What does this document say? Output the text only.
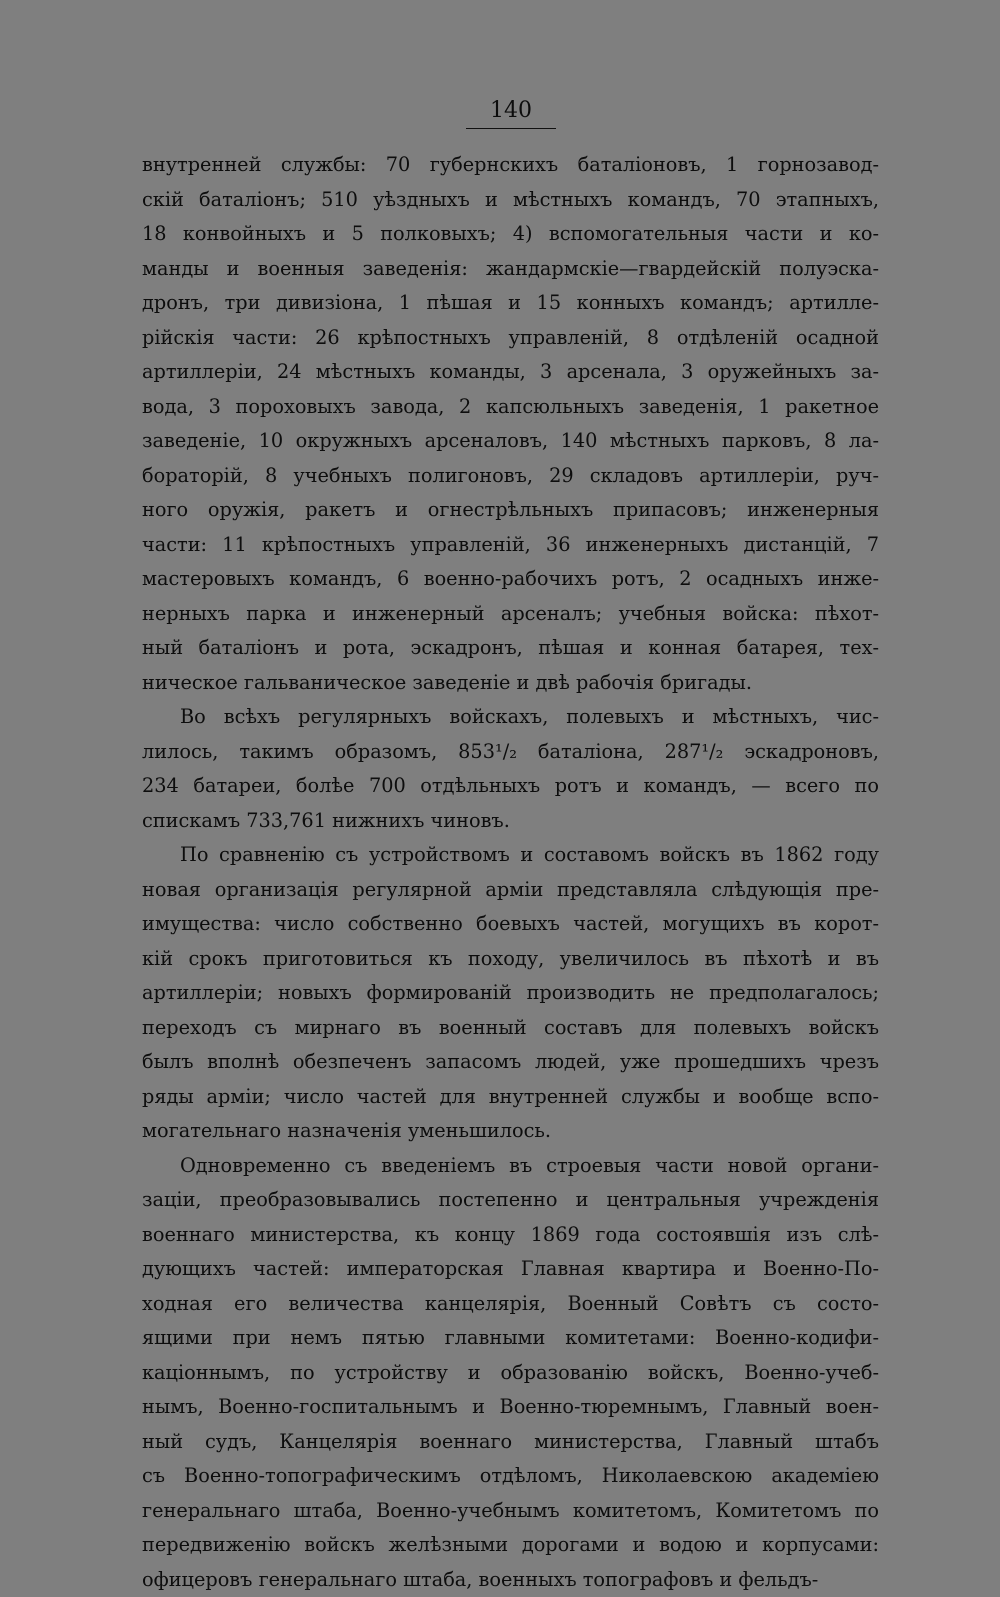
140
внутренней службы: 70 губернскихъ баталіоновъ, 1 горнозавод-
скій баталіонъ; 510 уѣздныхъ и мѣстныхъ командъ, 70 этапныхъ,
18 конвойныхъ и 5 полковыхъ; 4) вспомогательныя части и ко-
манды и военныя заведенія: жандармскіе—гвардейскій полуэска-
дронъ, три дивизіона, 1 пѣшая и 15 конныхъ командъ; артилле-
рійскія части: 26 крѣпостныхъ управленій, 8 отдѣленій осадной
артиллеріи, 24 мѣстныхъ команды, 3 арсенала, 3 оружейныхъ за-
вода, 3 пороховыхъ завода, 2 капсюльныхъ заведенія, 1 ракетное
заведеніе, 10 окружныхъ арсеналовъ, 140 мѣстныхъ парковъ, 8 ла-
бораторій, 8 учебныхъ полигоновъ, 29 складовъ артиллеріи, руч-
ного оружія, ракетъ и огнестрѣльныхъ припасовъ; инженерныя
части: 11 крѣпостныхъ управленій, 36 инженерныхъ дистанцій, 7
мастеровыхъ командъ, 6 военно-рабочихъ ротъ, 2 осадныхъ инже-
нерныхъ парка и инженерный арсеналъ; учебныя войска: пѣхот-
ный баталіонъ и рота, эскадронъ, пѣшая и конная батарея, тех-
ническое гальваническое заведеніе и двѣ рабочія бригады.
Во всѣхъ регулярныхъ войскахъ, полевыхъ и мѣстныхъ, чис-
лилось, такимъ образомъ, 853¹/₂ баталіона, 287¹/₂ эскадроновъ,
234 батареи, болѣе 700 отдѣльныхъ ротъ и командъ, — всего по
спискамъ 733,761 нижнихъ чиновъ.
По сравненію съ устройствомъ и составомъ войскъ въ 1862 году
новая организація регулярной арміи представляла слѣдующія пре-
имущества: число собственно боевыхъ частей, могущихъ въ корот-
кій срокъ приготовиться къ походу, увеличилось въ пѣхотѣ и въ
артиллеріи; новыхъ формированій производить не предполагалось;
переходъ съ мирнаго въ военный составъ для полевыхъ войскъ
былъ вполнѣ обезпеченъ запасомъ людей, уже прошедшихъ чрезъ
ряды арміи; число частей для внутренней службы и вообще вспо-
могательнаго назначенія уменьшилось.
Одновременно съ введеніемъ въ строевыя части новой органи-
заціи, преобразовывались постепенно и центральныя учрежденія
военнаго министерства, къ концу 1869 года состоявшія изъ слѣ-
дующихъ частей: императорская Главная квартира и Военно-По-
ходная его величества канцелярія, Военный Совѣтъ съ состо-
ящими при немъ пятью главными комитетами: Военно-кодифи-
каціоннымъ, по устройству и образованію войскъ, Военно-учеб-
нымъ, Военно-госпитальнымъ и Военно-тюремнымъ, Главный воен-
ный судъ, Канцелярія военнаго министерства, Главный штабъ
съ Военно-топографическимъ отдѣломъ, Николаевскою академіею
генеральнаго штаба, Военно-учебнымъ комитетомъ, Комитетомъ по
передвиженію войскъ желѣзными дорогами и водою и корпусами:
офицеровъ генеральнаго штаба, военныхъ топографовъ и фельдъ-
